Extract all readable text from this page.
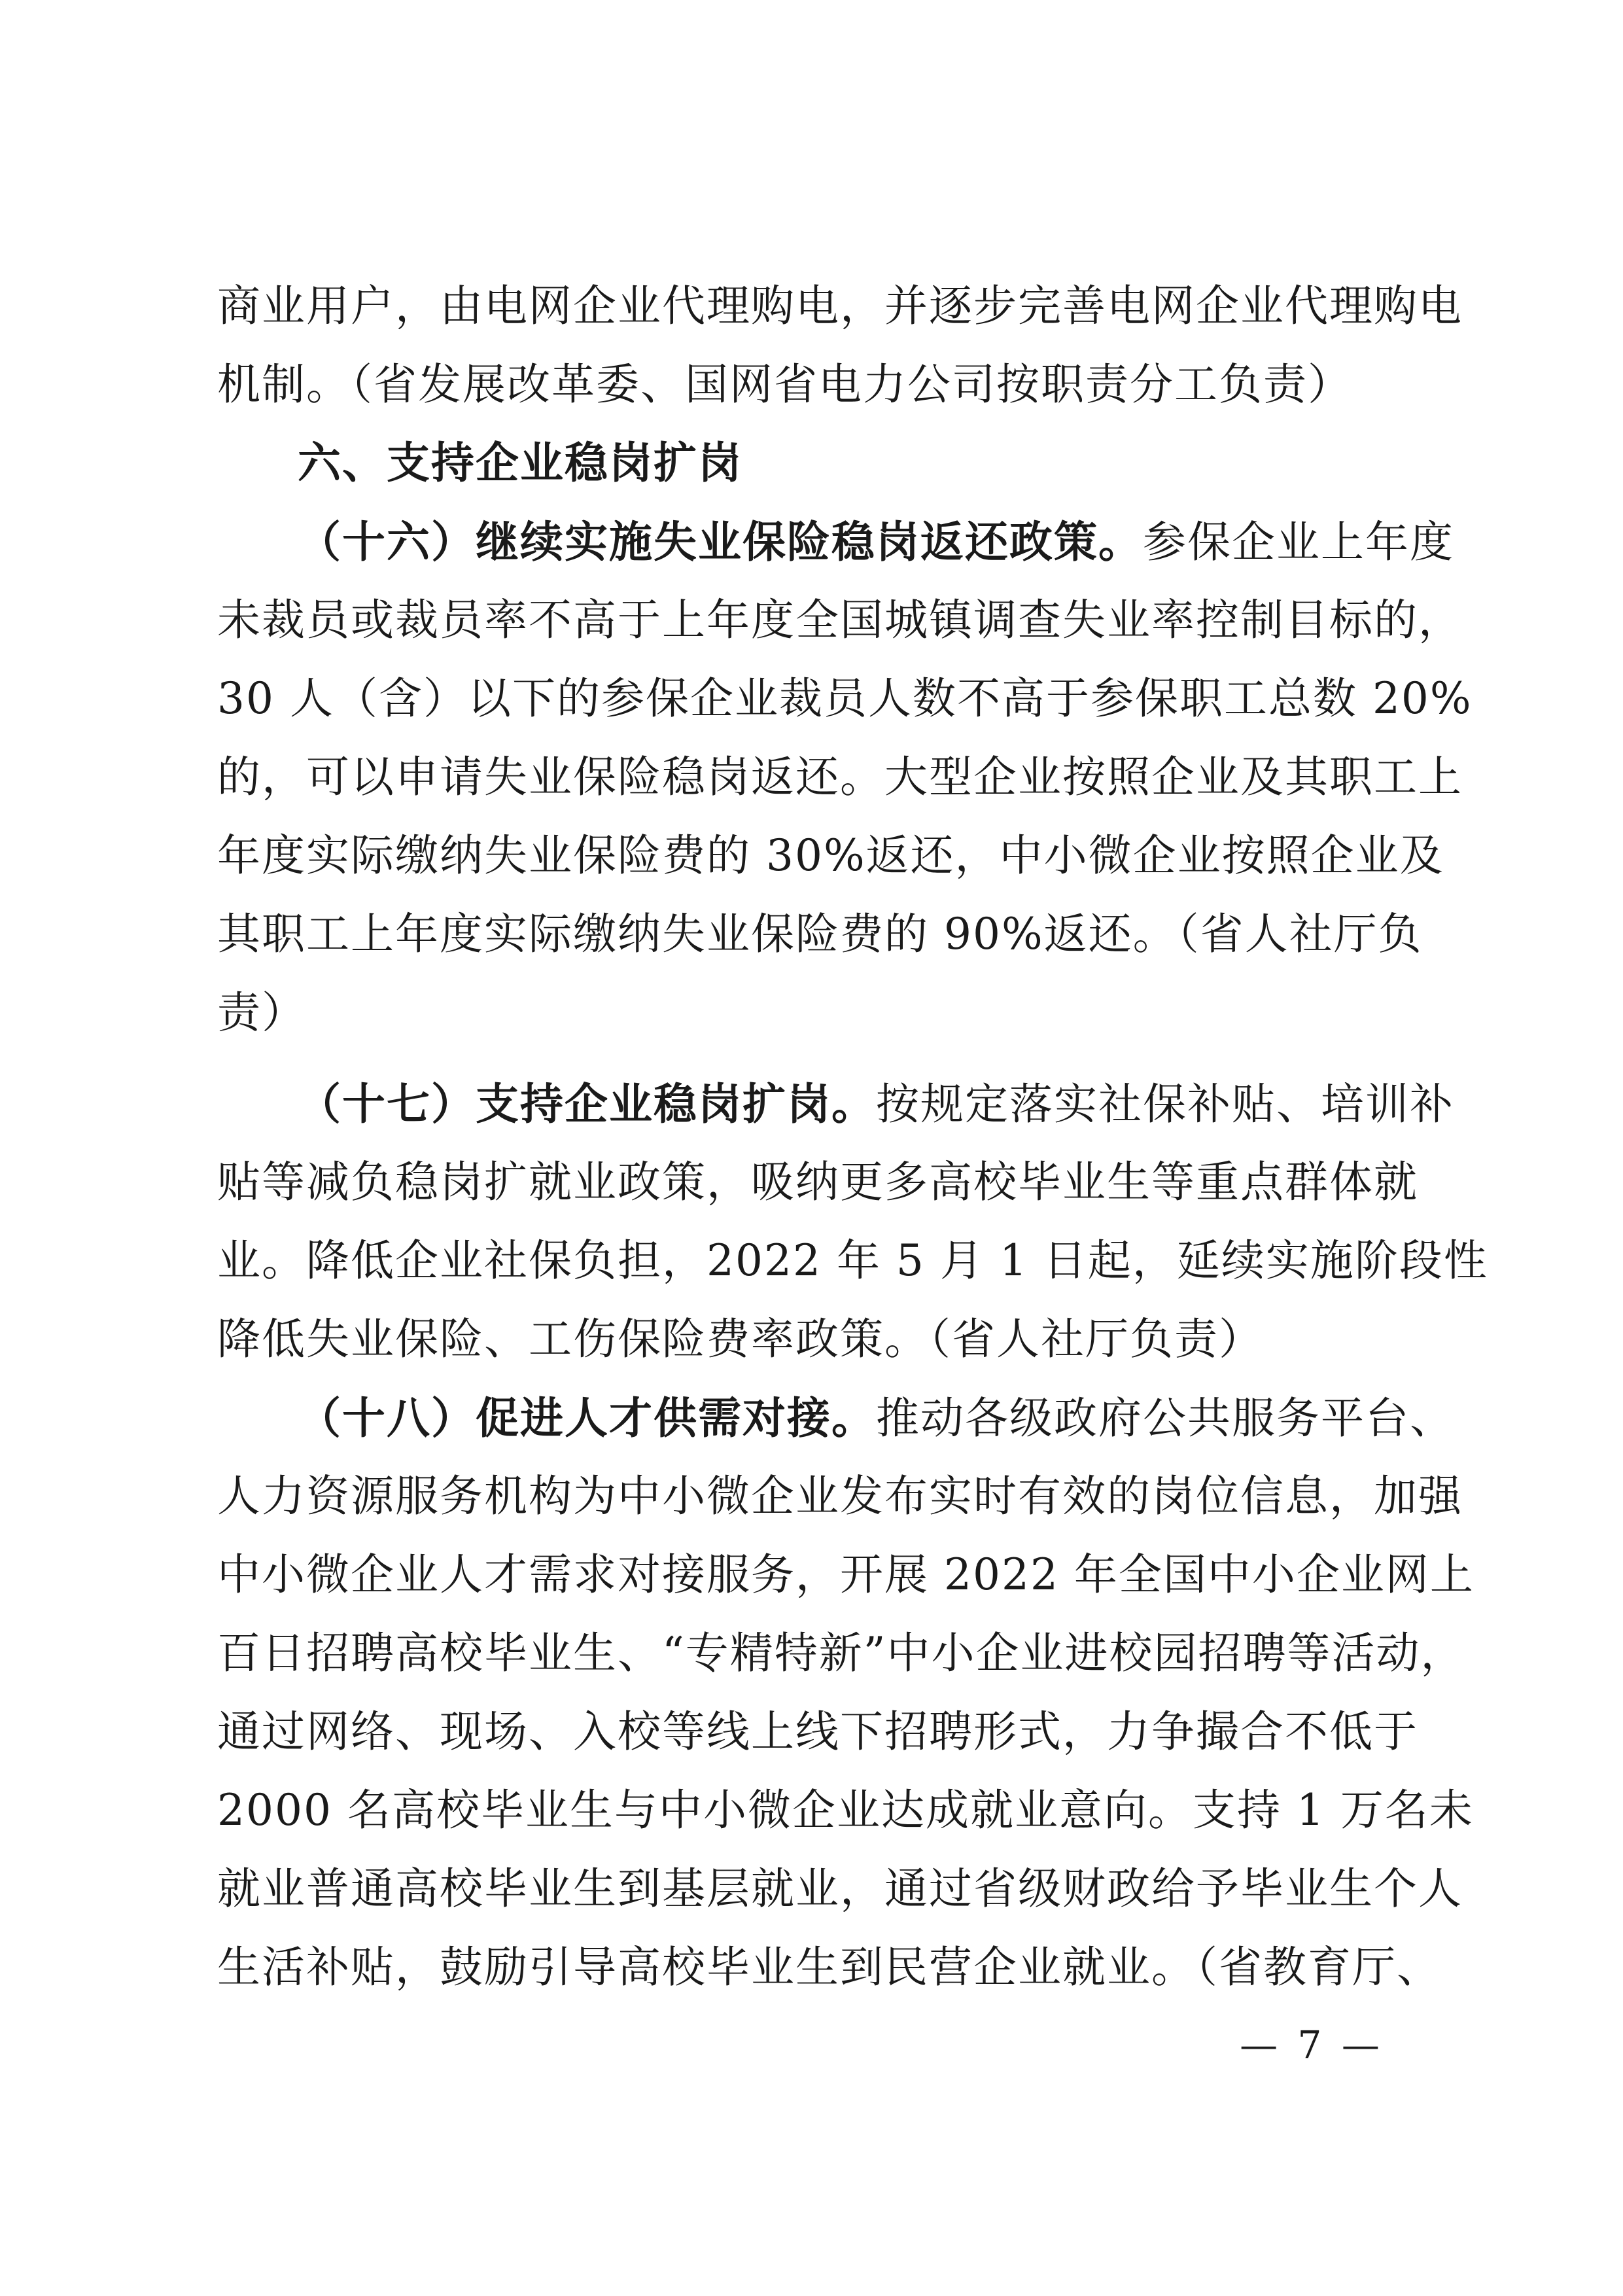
商业用户，由电网企业代理购电，并逐步完善电网企业代理购电
机制。（省发展改革委、国网省电力公司按职责分工负责）
六、支持企业稳岗扩岗
（十六）继续实施失业保险稳岗返还政策。参保企业上年度
未裁员或裁员率不高于上年度全国城镇调查失业率控制目标的，
30 人（含）以下的参保企业裁员人数不高于参保职工总数 20%
的，可以申请失业保险稳岗返还。大型企业按照企业及其职工上
年度实际缴纳失业保险费的 30%返还，中小微企业按照企业及
其职工上年度实际缴纳失业保险费的 90%返还。（省人社厅负
责）
（十七）支持企业稳岗扩岗。按规定落实社保补贴、培训补
贴等减负稳岗扩就业政策，吸纳更多高校毕业生等重点群体就
业。降低企业社保负担，2022 年 5 月 1 日起，延续实施阶段性
降低失业保险、工伤保险费率政策。（省人社厅负责）
（十八）促进人才供需对接。推动各级政府公共服务平台、
人力资源服务机构为中小微企业发布实时有效的岗位信息，加强
中小微企业人才需求对接服务，开展 2022 年全国中小企业网上
百日招聘高校毕业生、“专精特新”中小企业进校园招聘等活动，
通过网络、现场、入校等线上线下招聘形式，力争撮合不低于
2000 名高校毕业生与中小微企业达成就业意向。支持 1 万名未
就业普通高校毕业生到基层就业，通过省级财政给予毕业生个人
生活补贴，鼓励引导高校毕业生到民营企业就业。（省教育厅、
— 7 —
